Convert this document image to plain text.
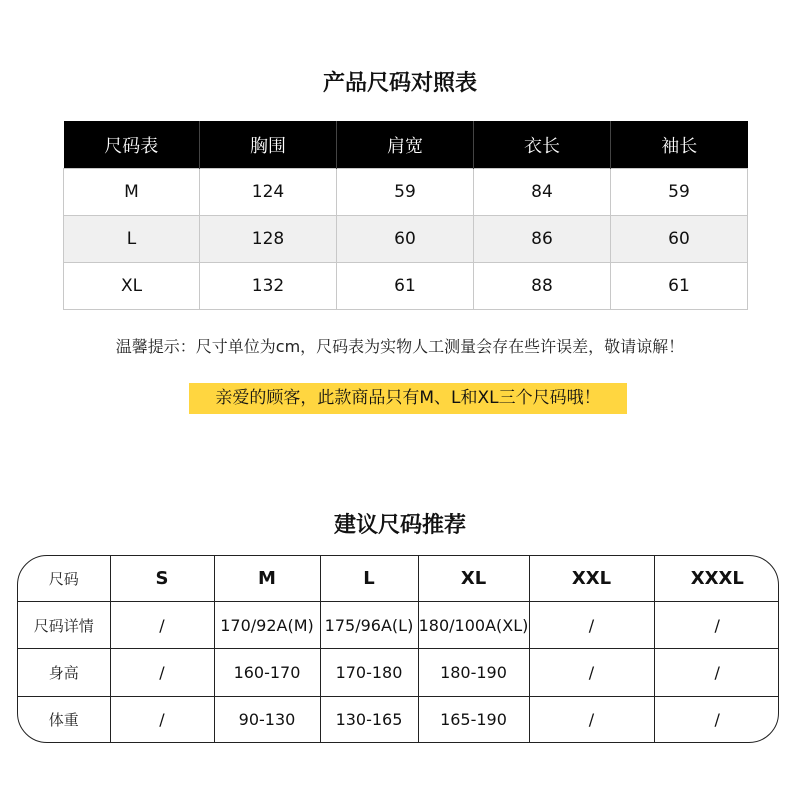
产品尺码对照表
尺码表	胸围	肩宽	衣长	袖长
M	124	59	84	59
L	128	60	86	60
XL	132	61	88	61
温馨提示：尺寸单位为cm，尺码表为实物人工测量会存在些许误差，敬请谅解！
亲爱的顾客，此款商品只有M、L和XL三个尺码哦！
建议尺码推荐
尺码	S	M	L	XL	XXL	XXXL
尺码详情	/	170/92A(M)	175/96A(L)	180/100A(XL)	/	/
身高	/	160-170	170-180	180-190	/	/
体重	/	90-130	130-165	165-190	/	/
